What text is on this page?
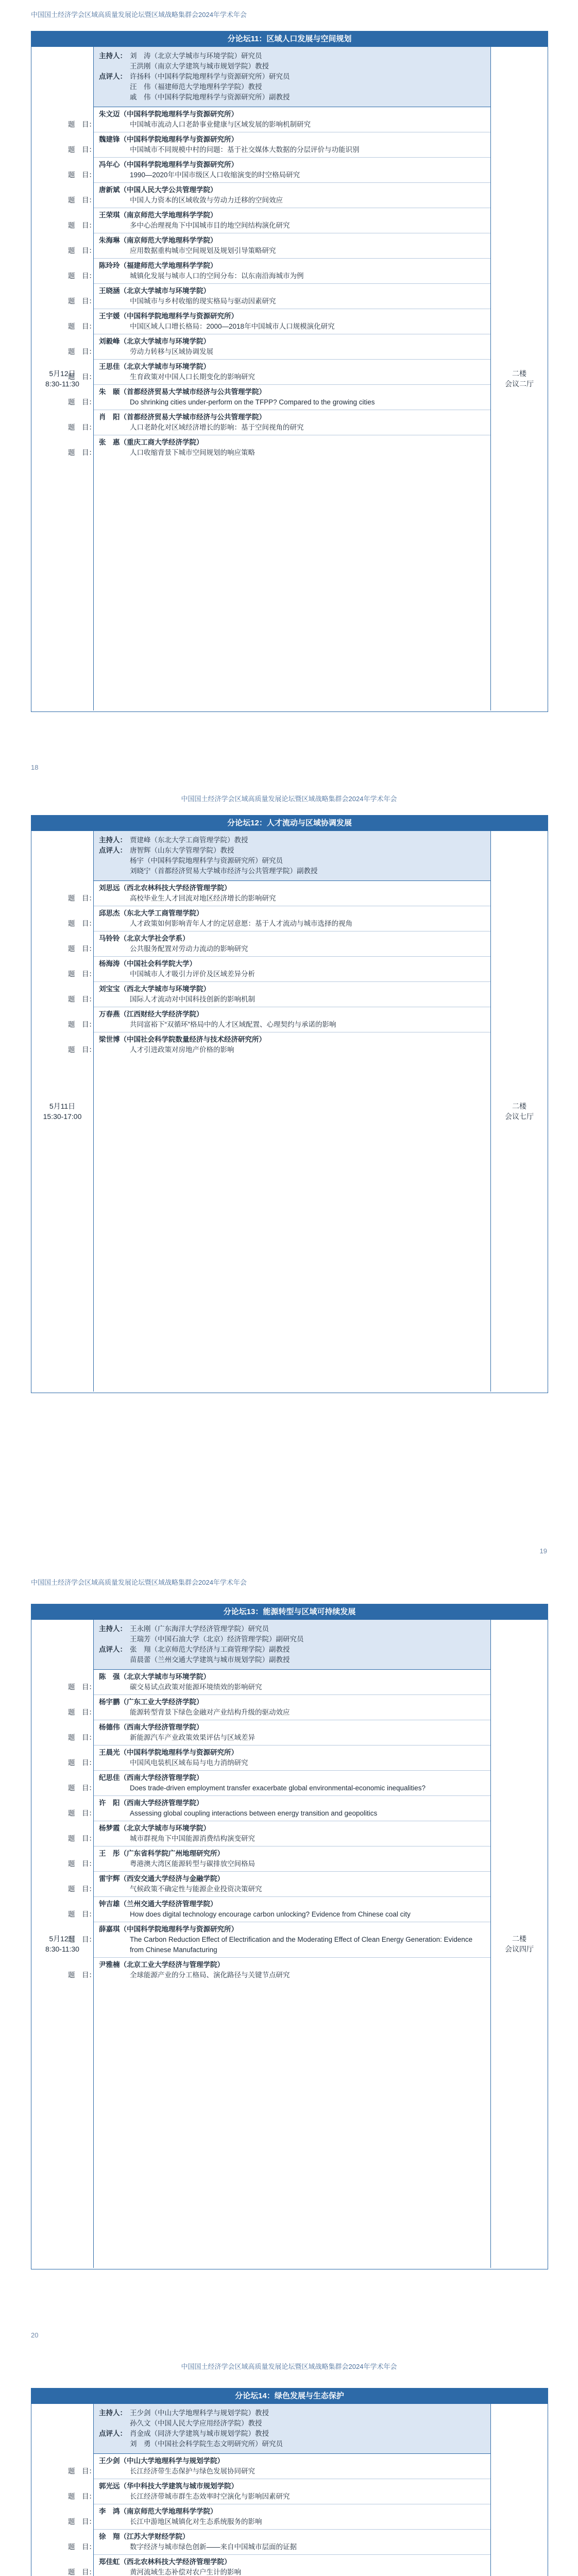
中国国土经济学会区域高质量发展论坛暨区域战略集群会2024年学术年会
18
分论坛11：区域人口发展与空间规划
5月12日
8:30-11:30
主持人： 刘　涛（北京大学城市与环境学院）研究员
王洪刚（南京大学建筑与城市规划学院）教授
点评人： 许扬科（中国科学院地理科学与资源研究所）研究员
汪　伟（福建师范大学地理科学学院）教授
戚　伟（中国科学院地理科学与资源研究所）副教授
朱文迈（中国科学院地理科学与资源研究所）
题　目：	中国城市流动人口老龄事业健康与区域发展的影响机制研究
魏建锋（中国科学院地理科学与资源研究所）
题　目：	中国城市不同规模中村的问题：基于社交媒体大数据的分层评价与功能识别
冯年心（中国科学院地理科学与资源研究所）
题　目：	1990—2020年中国市级区人口收缩演变的时空格局研究
唐新斌（中国人民大学公共管理学院）
题　目：	中国人力资本的区域收敛与劳动力迁移的空间效应
王荣琪（南京师范大学地理科学学院）
题　目：	多中心治理视角下中国城市目的地空间结构演化研究
朱海琳（南京师范大学地理科学学院）
题　目：	应用数据重构城市空间规划及规划引导策略研究
陈玲玲（福建师范大学地理科学学院）
题　目：	城镇化发展与城市人口的空间分布：以东南沿海城市为例
王晓涵（北京大学城市与环境学院）
题　目：	中国城市与乡村收缩的现实格局与驱动因素研究
王宇媛（中国科学院地理科学与资源研究所）
题　目：	中国区域人口增长格局：2000—2018年中国城市人口规模演化研究
刘毅峰（北京大学城市与环境学院）
题　目：	劳动力转移与区域协调发展
王思佳（北京大学城市与环境学院）
题　目：	生育政策对中国人口长期变化的影响研究
朱　颐（首都经济贸易大学城市经济与公共管理学院）
题　目：	Do shrinking cities under-perform on the TFPP? Compared to the growing cities
肖　阳（首都经济贸易大学城市经济与公共管理学院）
题　目：	人口老龄化对区域经济增长的影响：基于空间视角的研究
张　惠（重庆工商大学经济学院）
题　目：	人口收缩背景下城市空间规划的响应策略
二楼
会议二厅
中国国土经济学会区域高质量发展论坛暨区域战略集群会2024年学术年会
19
分论坛12：人才流动与区域协调发展
5月11日
15:30-17:00
主持人： 贾建峰（东北大学工商管理学院）教授
点评人： 唐智辉（山东大学管理学院）教授
杨宇（中国科学院地理科学与资源研究所）研究员
刘晓宁（首都经济贸易大学城市经济与公共管理学院）副教授
刘思远（西北农林科技大学经济管理学院）
题　目：	高校毕业生人才回流对地区经济增长的影响研究
邱思杰（东北大学工商管理学院）
题　目：	人才政策如何影响青年人才的定居意愿：基于人才流动与城市选择的视角
马铃铃（北京大学社会学系）
题　目：	公共服务配置对劳动力流动的影响研究
杨海涛（中国社会科学院大学）
题　目：	中国城市人才吸引力评价及区域差异分析
刘宝宝（西北大学城市与环境学院）
题　目：	国际人才流动对中国科技创新的影响机制
万春燕（江西财经大学经济学院）
题　目：	共同富裕下“双循环”格局中的人才区域配置、心理契约与承诺的影响
梁世博（中国社会科学院数量经济与技术经济研究所）
题　目：	人才引进政策对房地产价格的影响
二楼
会议七厅
中国国土经济学会区域高质量发展论坛暨区域战略集群会2024年学术年会
20
分论坛13：能源转型与区域可持续发展
5月12日
8:30-11:30
主持人： 王永刚（广东海洋大学经济管理学院）研究员
王瑞芳（中国石油大学（北京）经济管理学院）副研究员
点评人： 张　翔（北京师范大学经济与工商管理学院）副教授
苗晨蕾（兰州交通大学建筑与城市规划学院）副教授
陈　强（北京大学城市与环境学院）
题　目：	碳交易试点政策对能源环境绩效的影响研究
杨宇鹏（广东工业大学经济学院）
题　目：	能源转型背景下绿色金融对产业结构升级的驱动效应
杨德伟（西南大学经济管理学院）
题　目：	新能源汽车产业政策效果评估与区域差异
王晨光（中国科学院地理科学与资源研究所）
题　目：	中国风电装机区域布局与电力消纳研究
纪思佳（西南大学经济管理学院）
题　目：	Does trade-driven employment transfer exacerbate global environmental-economic inequalities?
许　阳（西南大学经济管理学院）
题　目：	Assessing global coupling interactions between energy transition and geopolitics
杨梦霞（北京大学城市与环境学院）
题　目：	城市群视角下中国能源消费结构演变研究
王　彤（广东省科学院广州地理研究所）
题　目：	粤港澳大湾区能源转型与碳排放空间格局
雷宇辉（西安交通大学经济与金融学院）
题　目：	气候政策不确定性与能源企业投资决策研究
钟吉雄（兰州交通大学经济管理学院）
题　目：	How does digital technology encourage carbon unlocking? Evidence from Chinese coal city
薛嘉琪（中国科学院地理科学与资源研究所）
题　目：	The Carbon Reduction Effect of Electrification and the Moderating Effect of Clean Energy Generation: Evidence from Chinese Manufacturing
尹雅楠（北京工业大学经济与管理学院）
题　目：	全球能源产业的分工格局、演化路径与关键节点研究
二楼
会议四厅
中国国土经济学会区域高质量发展论坛暨区域战略集群会2024年学术年会
分论坛14：绿色发展与生态保护
主持人： 王少剑（中山大学地理科学与规划学院）教授
孙久文（中国人民大学应用经济学院）教授
点评人： 肖金成（同济大学建筑与城市规划学院）教授
刘　勇（中国社会科学院生态文明研究所）研究员
王少剑（中山大学地理科学与规划学院）
题　目：	长江经济带生态保护与绿色发展协同研究
郭光远（华中科技大学建筑与城市规划学院）
题　目：	长江经济带城市群生态效率时空演化与影响因素研究
李　鸿（南京师范大学地理科学学院）
题　目：	长江中游地区城镇化对生态系统服务的影响
徐　翔（江苏大学财经学院）
题　目：	数字经济与城市绿色创新——来自中国城市层面的证据
郑佳虹（西北农林科技大学经济管理学院）
题　目：	黄河流域生态补偿对农户生计的影响
